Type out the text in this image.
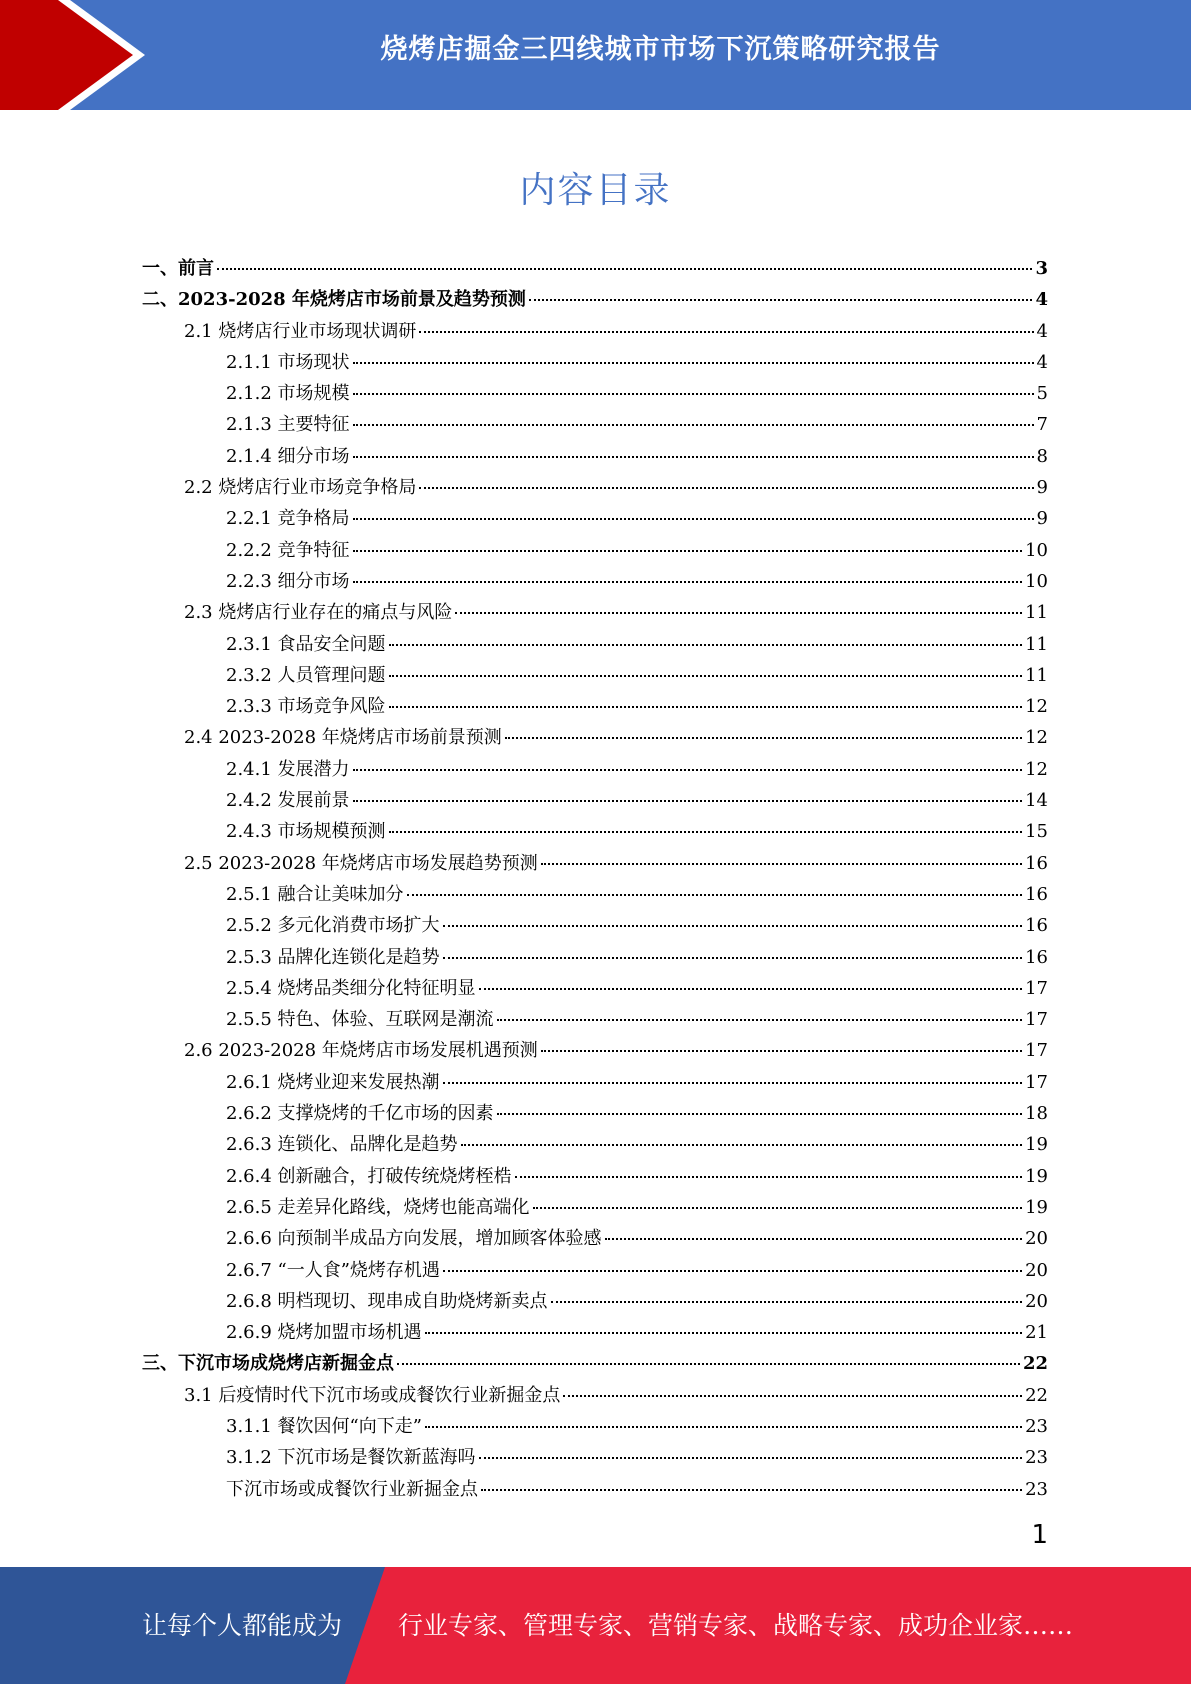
烧烤店掘金三四线城市市场下沉策略研究报告
内容目录
一、前言	3
二、2023-2028 年烧烤店市场前景及趋势预测	4
2.1 烧烤店行业市场现状调研	4
2.1.1 市场现状	4
2.1.2 市场规模	5
2.1.3 主要特征	7
2.1.4 细分市场	8
2.2 烧烤店行业市场竞争格局	9
2.2.1 竞争格局	9
2.2.2 竞争特征	10
2.2.3 细分市场	10
2.3 烧烤店行业存在的痛点与风险	11
2.3.1 食品安全问题	11
2.3.2 人员管理问题	11
2.3.3 市场竞争风险	12
2.4 2023-2028 年烧烤店市场前景预测	12
2.4.1 发展潜力	12
2.4.2 发展前景	14
2.4.3 市场规模预测	15
2.5 2023-2028 年烧烤店市场发展趋势预测	16
2.5.1 融合让美味加分	16
2.5.2 多元化消费市场扩大	16
2.5.3 品牌化连锁化是趋势	16
2.5.4 烧烤品类细分化特征明显	17
2.5.5 特色、体验、互联网是潮流	17
2.6 2023-2028 年烧烤店市场发展机遇预测	17
2.6.1 烧烤业迎来发展热潮	17
2.6.2 支撑烧烤的千亿市场的因素	18
2.6.3 连锁化、品牌化是趋势	19
2.6.4 创新融合，打破传统烧烤桎梏	19
2.6.5 走差异化路线，烧烤也能高端化	19
2.6.6 向预制半成品方向发展，增加顾客体验感	20
2.6.7 “一人食”烧烤存机遇	20
2.6.8 明档现切、现串成自助烧烤新卖点	20
2.6.9 烧烤加盟市场机遇	21
三、下沉市场成烧烤店新掘金点	22
3.1 后疫情时代下沉市场或成餐饮行业新掘金点	22
3.1.1 餐饮因何“向下走”	23
3.1.2 下沉市场是餐饮新蓝海吗	23
下沉市场或成餐饮行业新掘金点	23
1
让每个人都能成为 行业专家、管理专家、营销专家、战略专家、成功企业家……
